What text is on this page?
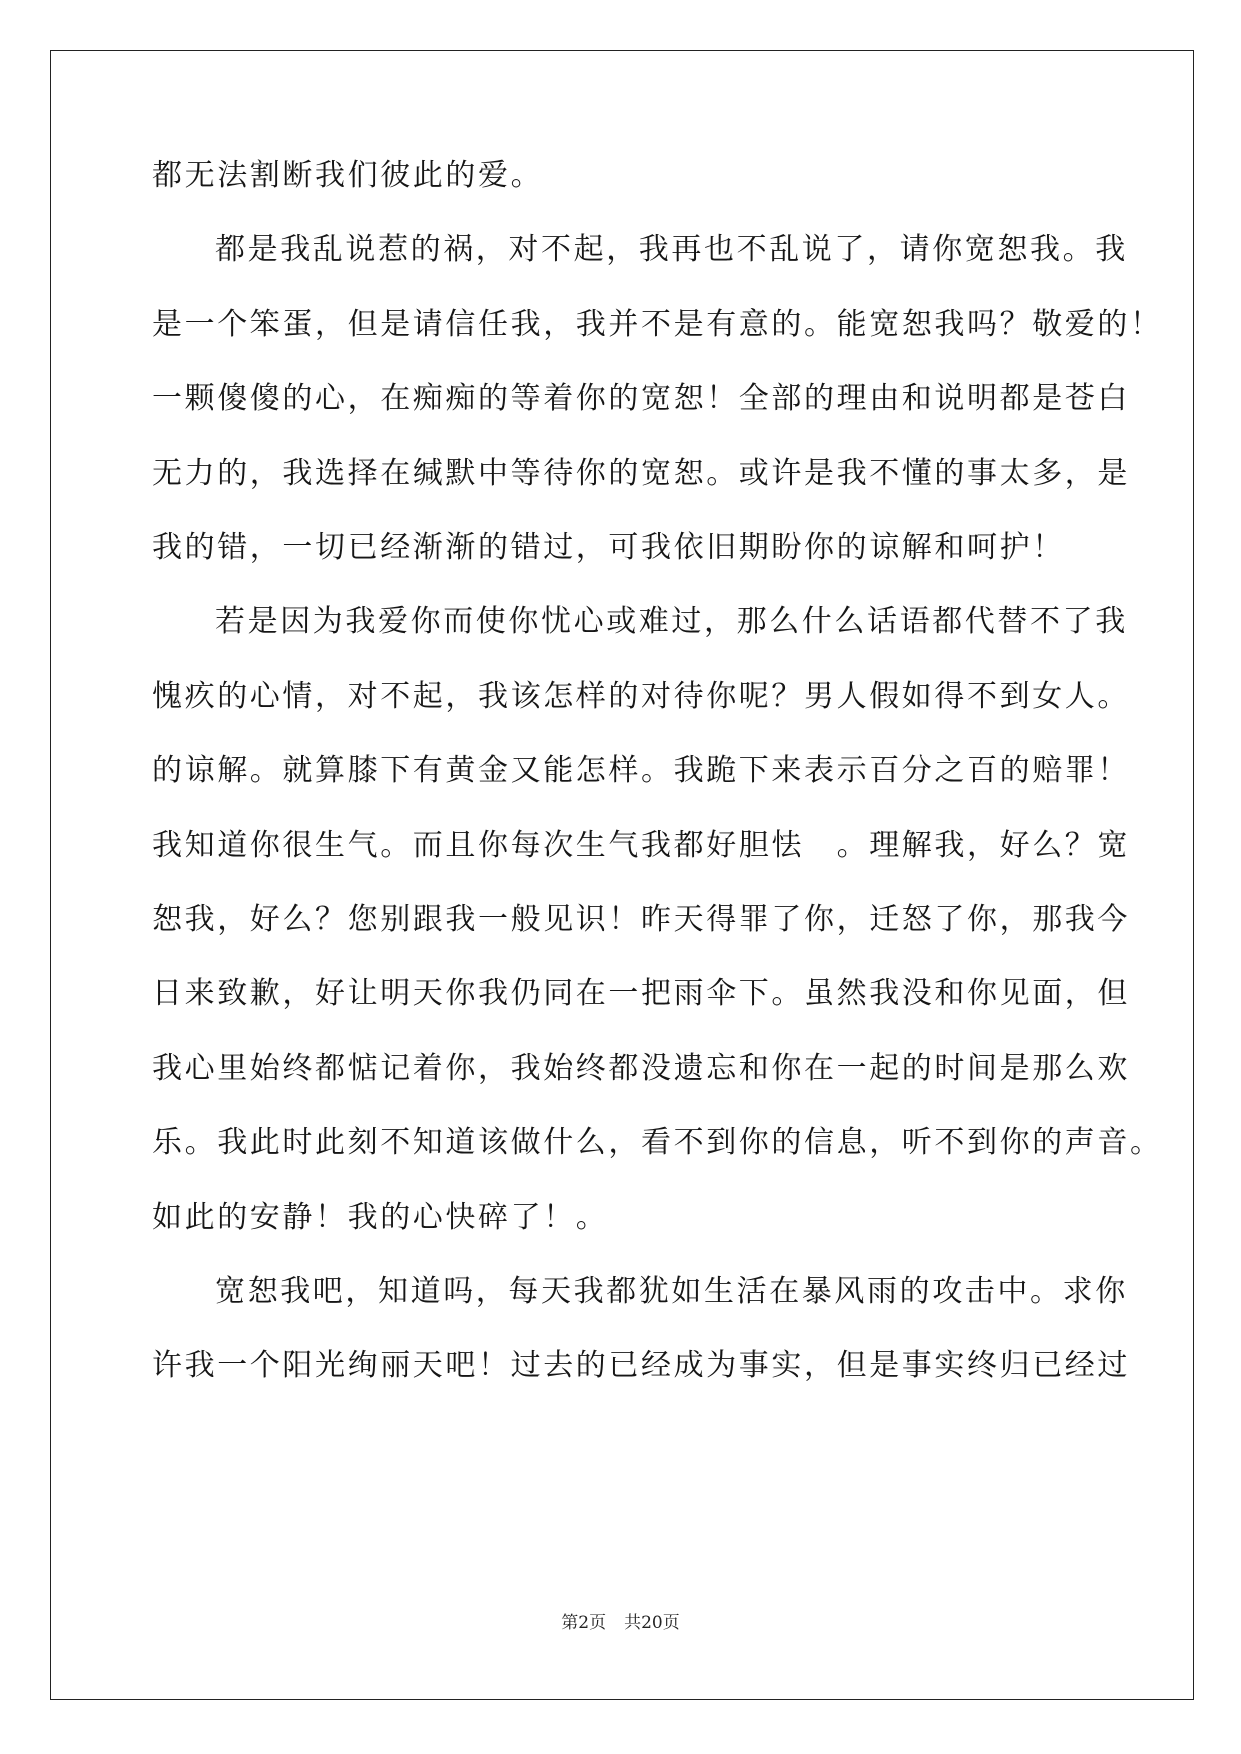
都无法割断我们彼此的爱。
都是我乱说惹的祸，对不起，我再也不乱说了，请你宽恕我。我
是一个笨蛋，但是请信任我，我并不是有意的。能宽恕我吗？敬爱的！
一颗傻傻的心，在痴痴的等着你的宽恕！全部的理由和说明都是苍白
无力的，我选择在缄默中等待你的宽恕。或许是我不懂的事太多，是
我的错，一切已经渐渐的错过，可我依旧期盼你的谅解和呵护！
若是因为我爱你而使你忧心或难过，那么什么话语都代替不了我
愧疚的心情，对不起，我该怎样的对待你呢？男人假如得不到女人。
的谅解。就算膝下有黄金又能怎样。我跪下来表示百分之百的赔罪！
我知道你很生气。而且你每次生气我都好胆怯　。理解我，好么？宽
恕我，好么？您别跟我一般见识！昨天得罪了你，迁怒了你，那我今
日来致歉，好让明天你我仍同在一把雨伞下。虽然我没和你见面，但
我心里始终都惦记着你，我始终都没遗忘和你在一起的时间是那么欢
乐。我此时此刻不知道该做什么，看不到你的信息，听不到你的声音。
如此的安静！我的心快碎了！。
宽恕我吧，知道吗，每天我都犹如生活在暴风雨的攻击中。求你
许我一个阳光绚丽天吧！过去的已经成为事实，但是事实终归已经过
第2页 共20页
